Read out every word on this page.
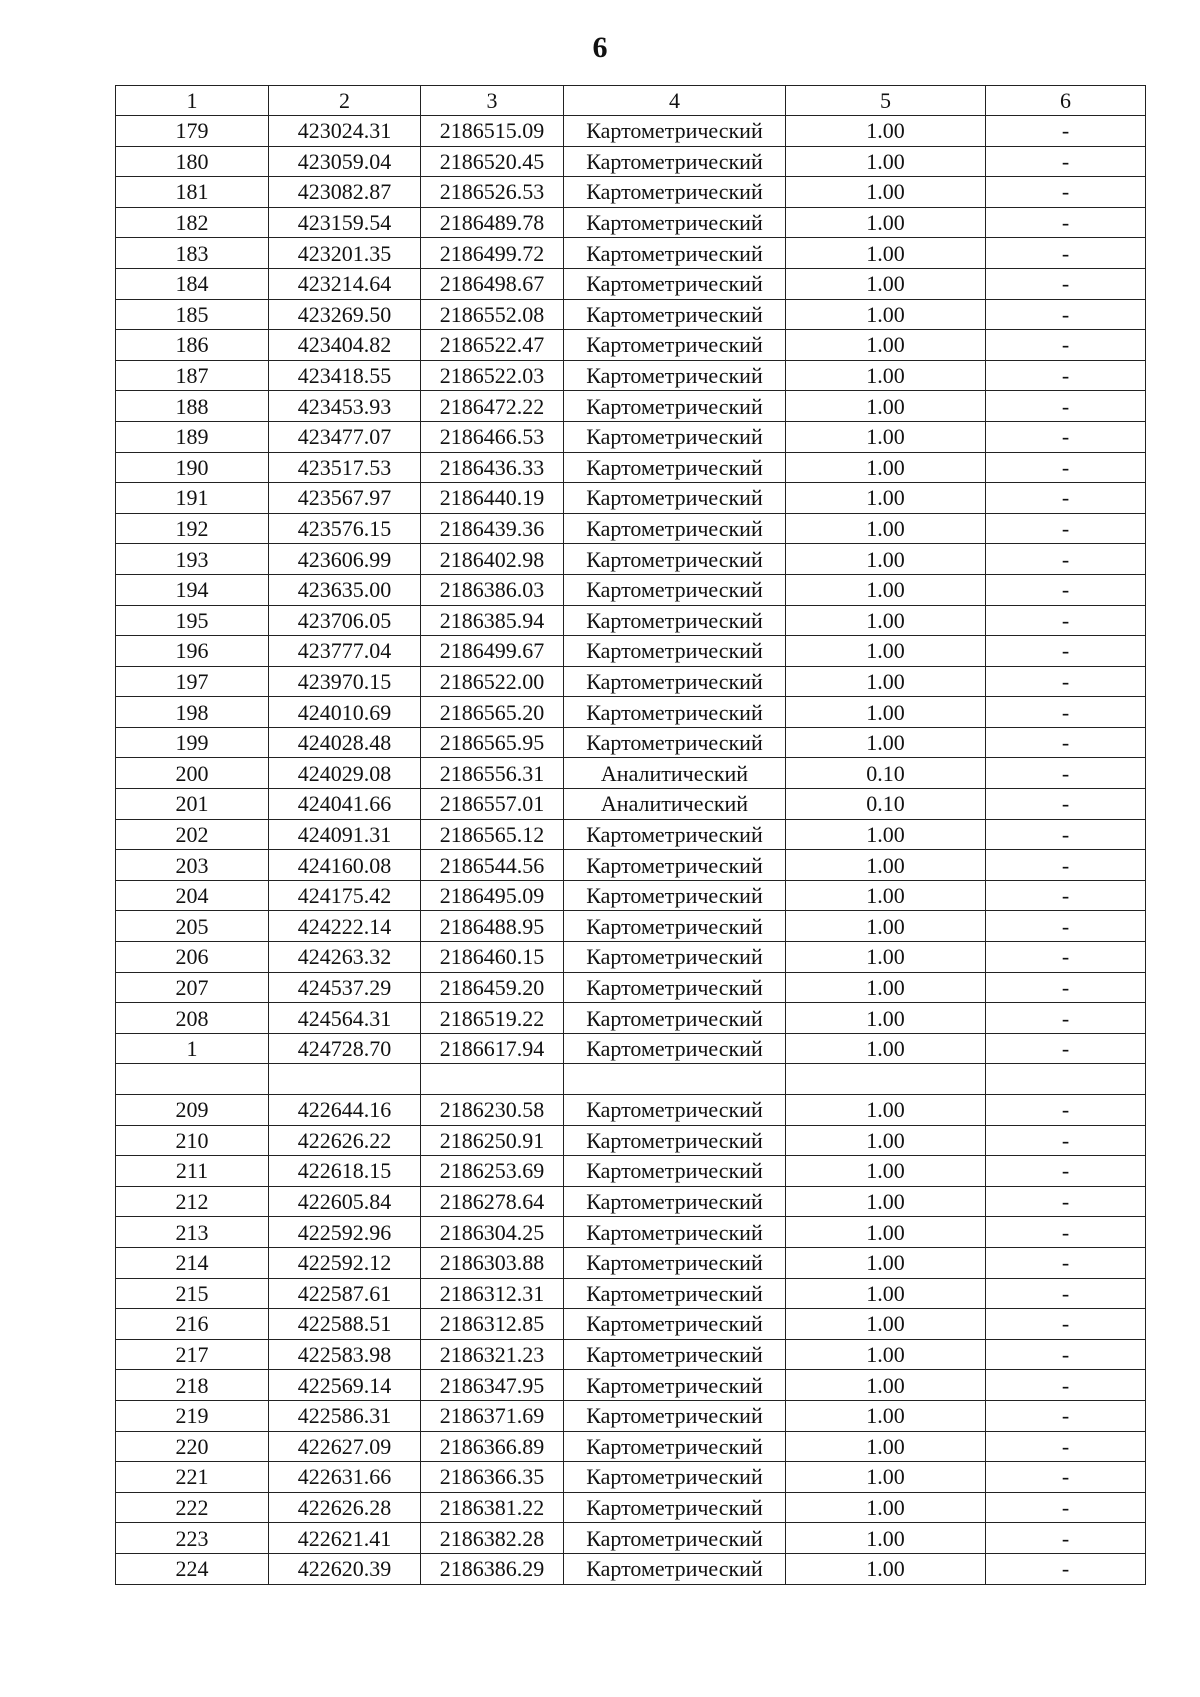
6
1	2	3	4	5	6
179	423024.31	2186515.09	Картометрический	1.00	-
180	423059.04	2186520.45	Картометрический	1.00	-
181	423082.87	2186526.53	Картометрический	1.00	-
182	423159.54	2186489.78	Картометрический	1.00	-
183	423201.35	2186499.72	Картометрический	1.00	-
184	423214.64	2186498.67	Картометрический	1.00	-
185	423269.50	2186552.08	Картометрический	1.00	-
186	423404.82	2186522.47	Картометрический	1.00	-
187	423418.55	2186522.03	Картометрический	1.00	-
188	423453.93	2186472.22	Картометрический	1.00	-
189	423477.07	2186466.53	Картометрический	1.00	-
190	423517.53	2186436.33	Картометрический	1.00	-
191	423567.97	2186440.19	Картометрический	1.00	-
192	423576.15	2186439.36	Картометрический	1.00	-
193	423606.99	2186402.98	Картометрический	1.00	-
194	423635.00	2186386.03	Картометрический	1.00	-
195	423706.05	2186385.94	Картометрический	1.00	-
196	423777.04	2186499.67	Картометрический	1.00	-
197	423970.15	2186522.00	Картометрический	1.00	-
198	424010.69	2186565.20	Картометрический	1.00	-
199	424028.48	2186565.95	Картометрический	1.00	-
200	424029.08	2186556.31	Аналитический	0.10	-
201	424041.66	2186557.01	Аналитический	0.10	-
202	424091.31	2186565.12	Картометрический	1.00	-
203	424160.08	2186544.56	Картометрический	1.00	-
204	424175.42	2186495.09	Картометрический	1.00	-
205	424222.14	2186488.95	Картометрический	1.00	-
206	424263.32	2186460.15	Картометрический	1.00	-
207	424537.29	2186459.20	Картометрический	1.00	-
208	424564.31	2186519.22	Картометрический	1.00	-
1	424728.70	2186617.94	Картометрический	1.00	-

209	422644.16	2186230.58	Картометрический	1.00	-
210	422626.22	2186250.91	Картометрический	1.00	-
211	422618.15	2186253.69	Картометрический	1.00	-
212	422605.84	2186278.64	Картометрический	1.00	-
213	422592.96	2186304.25	Картометрический	1.00	-
214	422592.12	2186303.88	Картометрический	1.00	-
215	422587.61	2186312.31	Картометрический	1.00	-
216	422588.51	2186312.85	Картометрический	1.00	-
217	422583.98	2186321.23	Картометрический	1.00	-
218	422569.14	2186347.95	Картометрический	1.00	-
219	422586.31	2186371.69	Картометрический	1.00	-
220	422627.09	2186366.89	Картометрический	1.00	-
221	422631.66	2186366.35	Картометрический	1.00	-
222	422626.28	2186381.22	Картометрический	1.00	-
223	422621.41	2186382.28	Картометрический	1.00	-
224	422620.39	2186386.29	Картометрический	1.00	-
